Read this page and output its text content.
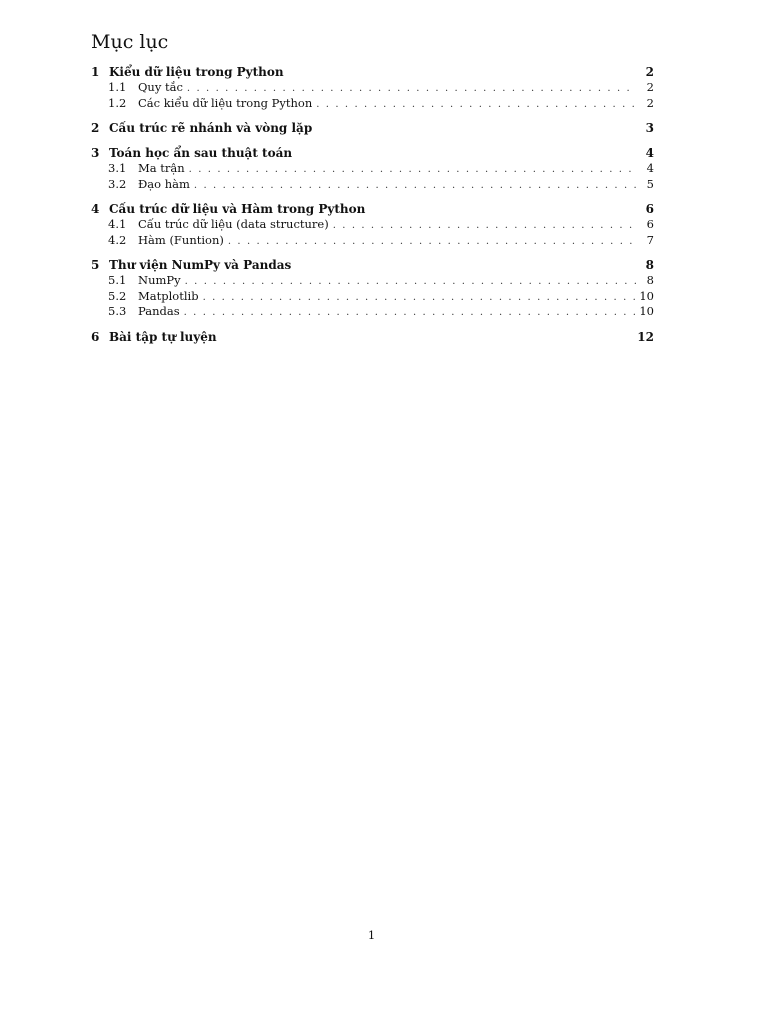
Mục lục
1 Kiểu dữ liệu trong Python	2
1.1	Quy tắc . . .	2
1.2	Các kiểu dữ liệu trong Python . . .	2
2 Cấu trúc rẽ nhánh và vòng lặp	3
3 Toán học ẩn sau thuật toán	4
3.1	Ma trận . . .	4
3.2	Đạo hàm . . .	5
4 Cấu trúc dữ liệu và Hàm trong Python	6
4.1	Cấu trúc dữ liệu (data structure) . . .	6
4.2	Hàm (Funtion) . . .	7
5 Thư viện NumPy và Pandas	8
5.1	NumPy . . .	8
5.2	Matplotlib . . .	10
5.3	Pandas . . .	10
6 Bài tập tự luyện	12
1
